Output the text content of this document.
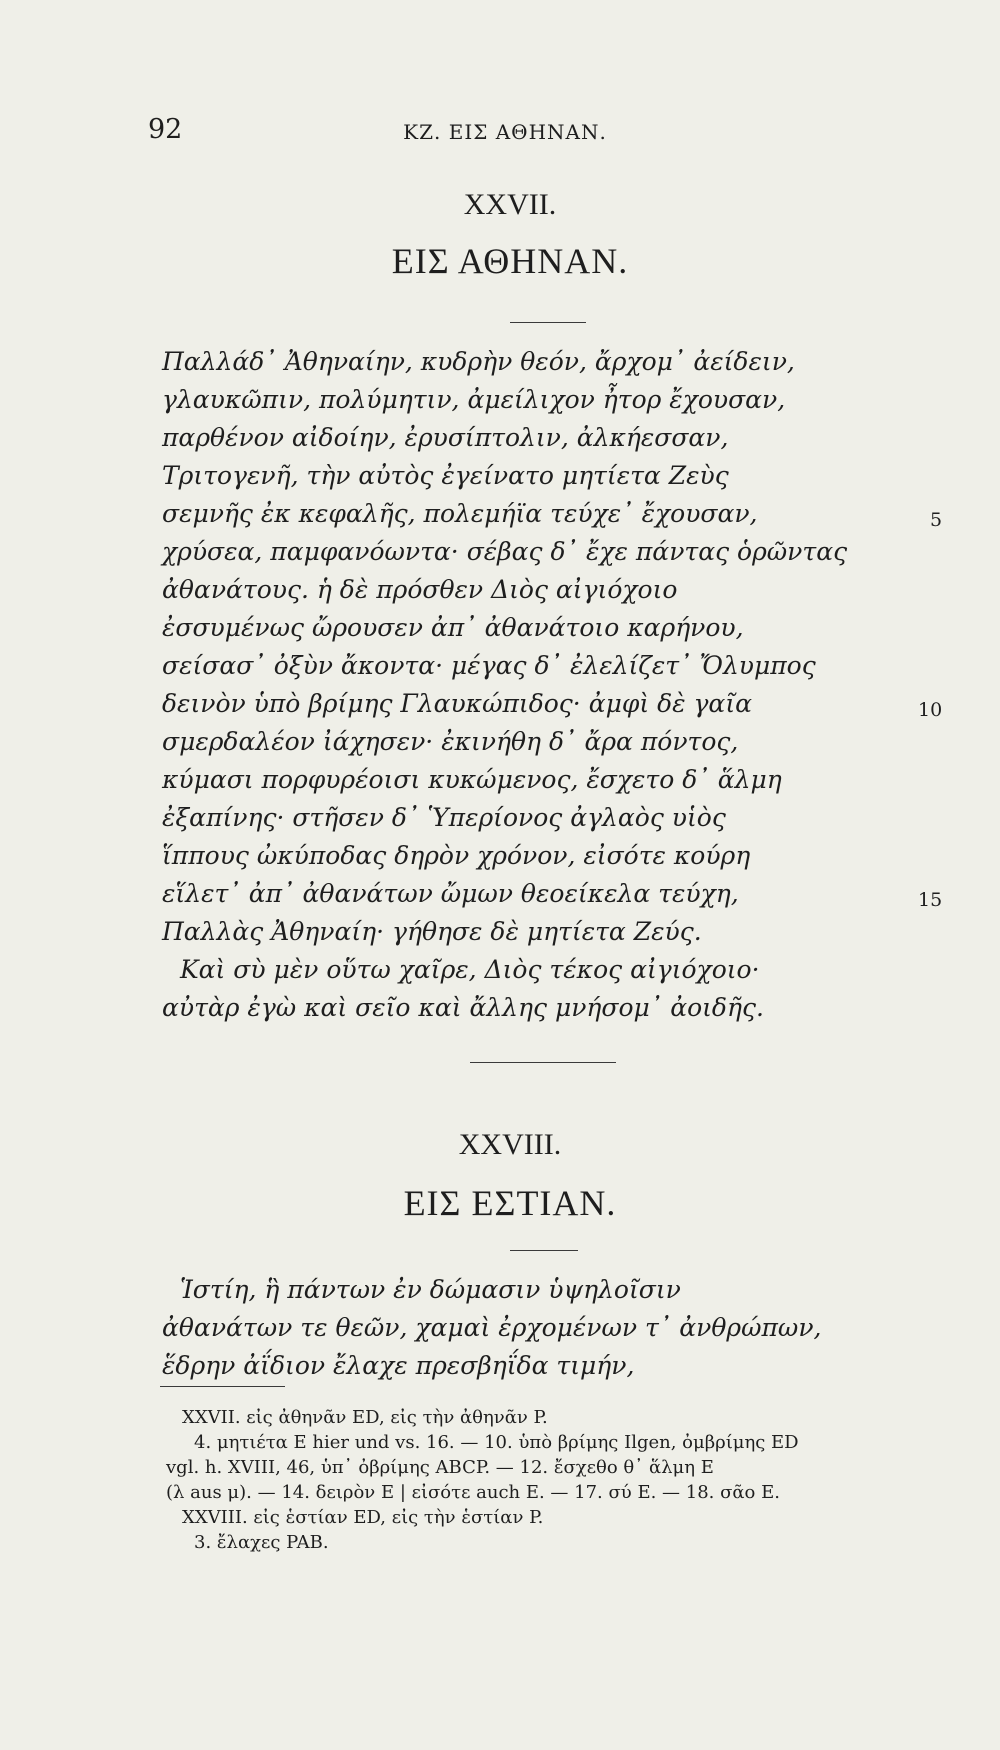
92	ΚΖ. ΕΙΣ ΑΘΗΝΑΝ.
XXVII.
ΕΙΣ ΑΘΗΝΑΝ.
Παλλάδ᾽ Ἀθηναίην, κυδρὴν θεόν, ἄρχομ᾽ ἀείδειν,
γλαυκῶπιν, πολύμητιν, ἀμείλιχον ἦτορ ἔχουσαν,
παρθένον αἰδοίην, ἐρυσίπτολιν, ἀλκήεσσαν,
Τριτογενῆ, τὴν αὐτὸς ἐγείνατο μητίετα Ζεὺς
σεμνῆς ἐκ κεφαλῆς, πολεμήϊα τεύχε᾽ ἔχουσαν,
χρύσεα, παμφανόωντα· σέβας δ᾽ ἔχε πάντας ὁρῶντας
ἀθανάτους. ἡ δὲ πρόσθεν Διὸς αἰγιόχοιο
ἐσσυμένως ὤρουσεν ἀπ᾽ ἀθανάτοιο καρήνου,
σείσασ᾽ ὀξὺν ἄκοντα· μέγας δ᾽ ἐλελίζετ᾽ Ὄλυμπος
δεινὸν ὑπὸ βρίμης Γλαυκώπιδος· ἀμφὶ δὲ γαῖα
σμερδαλέον ἰάχησεν· ἐκινήθη δ᾽ ἄρα πόντος,
κύμασι πορφυρέοισι κυκώμενος, ἔσχετο δ᾽ ἅλμη
ἐξαπίνης· στῆσεν δ᾽ Ὑπερίονος ἀγλαὸς υἱὸς
ἵππους ὠκύποδας δηρὸν χρόνον, εἰσότε κούρη
εἵλετ᾽ ἀπ᾽ ἀθανάτων ὤμων θεοείκελα τεύχη,
Παλλὰς Ἀθηναίη· γήθησε δὲ μητίετα Ζεύς.
Καὶ σὺ μὲν οὕτω χαῖρε, Διὸς τέκος αἰγιόχοιο·
αὐτὰρ ἐγὼ καὶ σεῖο καὶ ἄλλης μνήσομ᾽ ἀοιδῆς.
5
10
15
XXVIII.
ΕΙΣ ΕΣΤΙΑΝ.
Ἱστίη, ἣ πάντων ἐν δώμασιν ὑψηλοῖσιν
ἀθανάτων τε θεῶν, χαμαὶ ἐρχομένων τ᾽ ἀνθρώπων,
ἕδρην ἀΐδιον ἔλαχε πρεσβηΐδα τιμήν,
XXVII. εἰς ἀθηνᾶν ED, εἰς τὴν ἀθηνᾶν P.
4. μητιέτα E hier und vs. 16. — 10. ὑπὸ βρίμης Ilgen, ὀμβρίμης ED
vgl. h. XVIII, 46, ὑπ᾽ ὀβρίμης ABCP. — 12. ἔσχεθο θ᾽ ἅλμη E
(λ aus μ). — 14. δειρὸν E | εἰσότε auch E. — 17. σύ E. — 18. σᾶο E.
XXVIII. εἰς ἑστίαν ED, εἰς τὴν ἑστίαν P.
3. ἔλαχες PAB.
